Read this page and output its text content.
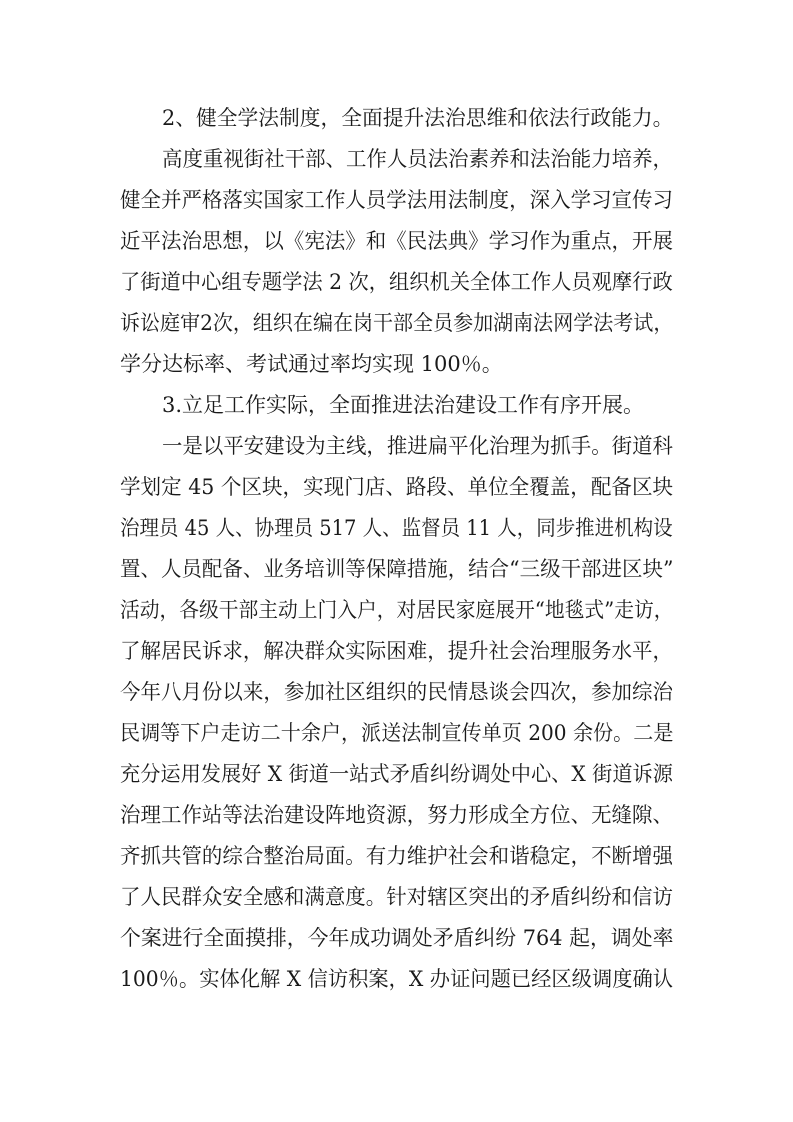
2、健全学法制度，全面提升法治思维和依法行政能力。
高度重视街社干部、工作人员法治素养和法治能力培养，
健全并严格落实国家工作人员学法用法制度，深入学习宣传习
近平法治思想，以《宪法》和《民法典》学习作为重点，开展
了街道中心组专题学法 2 次，组织机关全体工作人员观摩行政
诉讼庭审2次，组织在编在岗干部全员参加湖南法网学法考试，
学分达标率、考试通过率均实现 100％。
3.立足工作实际，全面推进法治建设工作有序开展。
一是以平安建设为主线，推进扁平化治理为抓手。街道科
学划定 45 个区块，实现门店、路段、单位全覆盖，配备区块
治理员 45 人、协理员 517 人、监督员 11 人，同步推进机构设
置、人员配备、业务培训等保障措施，结合“三级干部进区块”
活动，各级干部主动上门入户，对居民家庭展开“地毯式”走访，
了解居民诉求，解决群众实际困难，提升社会治理服务水平，
今年八月份以来，参加社区组织的民情恳谈会四次，参加综治
民调等下户走访二十余户，派送法制宣传单页 200 余份。二是
充分运用发展好 X 街道一站式矛盾纠纷调处中心、X 街道诉源
治理工作站等法治建设阵地资源，努力形成全方位、无缝隙、
齐抓共管的综合整治局面。有力维护社会和谐稳定，不断增强
了人民群众安全感和满意度。针对辖区突出的矛盾纠纷和信访
个案进行全面摸排，今年成功调处矛盾纠纷 764 起，调处率
100％。实体化解 X 信访积案，X 办证问题已经区级调度确认
